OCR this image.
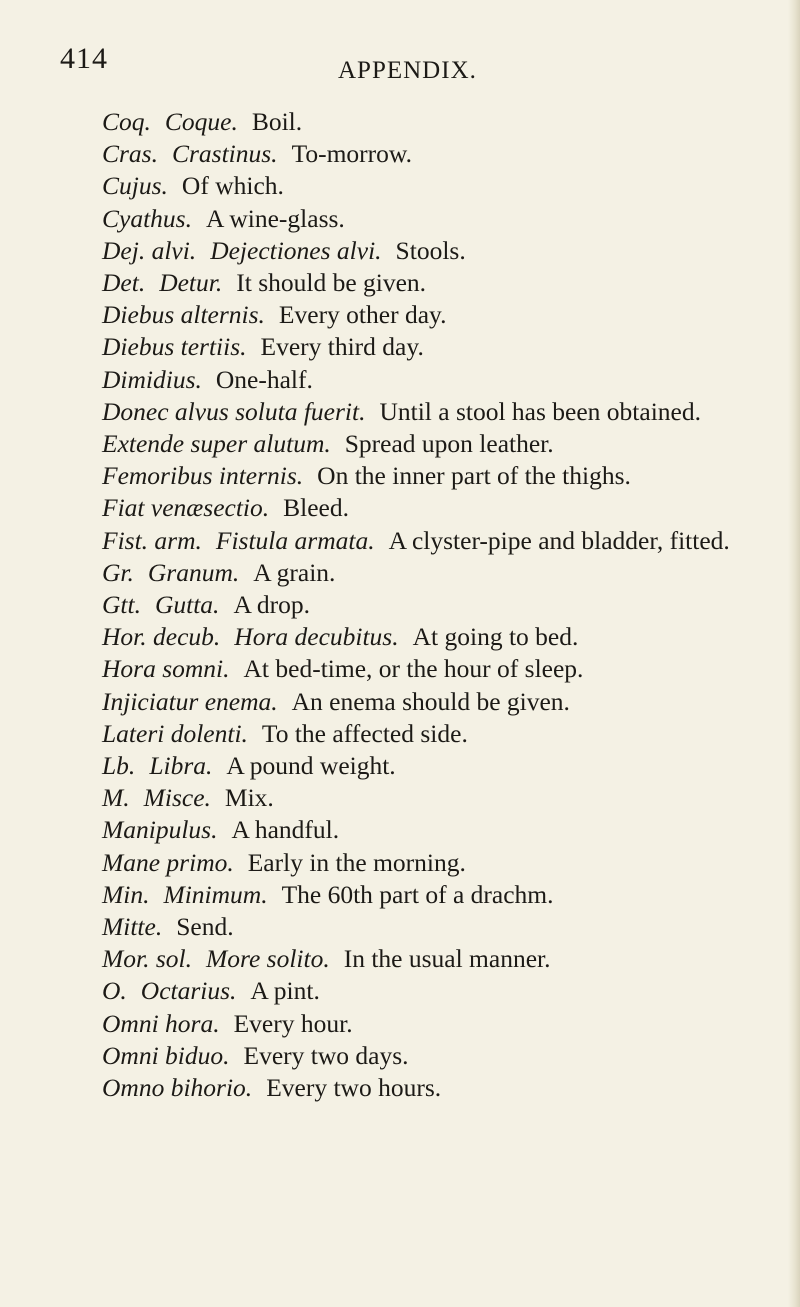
414	APPENDIX.
Coq. Coque. Boil.
Cras. Crastinus. To-morrow.
Cujus. Of which.
Cyathus. A wine-glass.
Dej. alvi. Dejectiones alvi. Stools.
Det. Detur. It should be given.
Diebus alternis. Every other day.
Diebus tertiis. Every third day.
Dimidius. One-half.
Donec alvus soluta fuerit. Until a stool has been obtained.
Extende super alutum. Spread upon leather.
Femoribus internis. On the inner part of the thighs.
Fiat venæsectio. Bleed.
Fist. arm. Fistula armata. A clyster-pipe and bladder, fitted.
Gr. Granum. A grain.
Gtt. Gutta. A drop.
Hor. decub. Hora decubitus. At going to bed.
Hora somni. At bed-time, or the hour of sleep.
Injiciatur enema. An enema should be given.
Lateri dolenti. To the affected side.
Lb. Libra. A pound weight.
M. Misce. Mix.
Manipulus. A handful.
Mane primo. Early in the morning.
Min. Minimum. The 60th part of a drachm.
Mitte. Send.
Mor. sol. More solito. In the usual manner.
O. Octarius. A pint.
Omni hora. Every hour.
Omni biduo. Every two days.
Omno bihorio. Every two hours.
